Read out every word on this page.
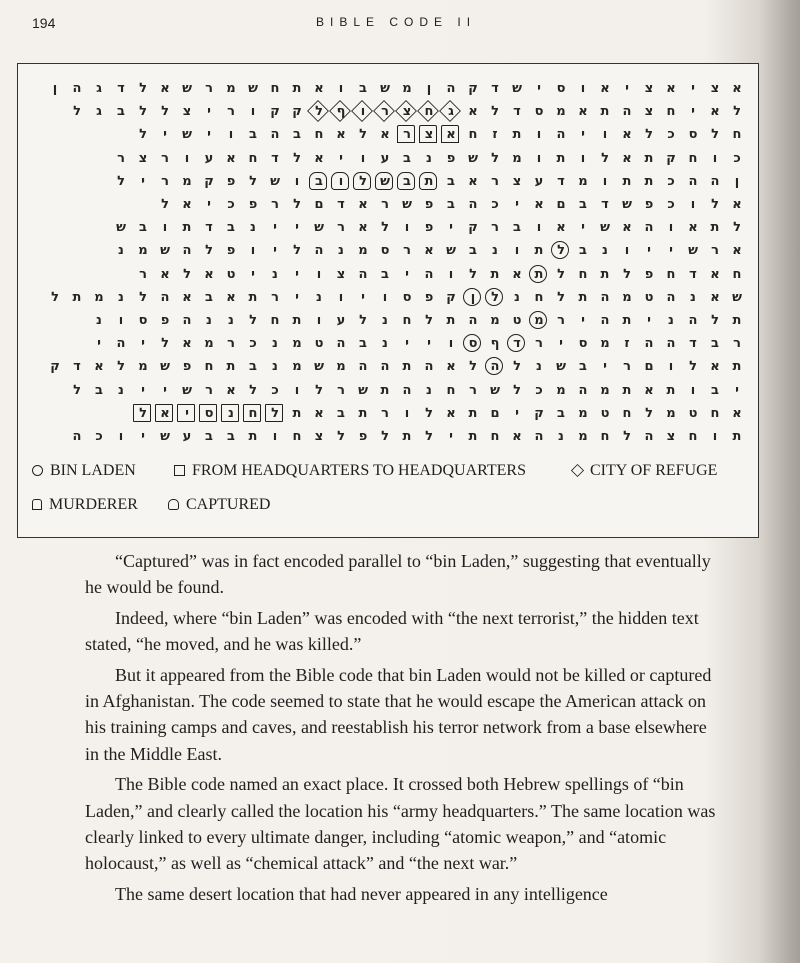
194	BIBLE CODE II
א
צ
י
א
צ
י
א
ו
ס
י
ש
ד
ק
ה
ן
מ
ש
ב
ו
א
ת
ח
ש
מ
ר
ש
א
ל
ד
ג
ה
ן
ל
א
י
ח
צ
ה
ת
א
מ
ס
ד
ל
א
ג
ח
צ
ר
ו
ף
ל
ק
ק
ו
ר
י
צ
ל
ל
ב
ג
ל
ח
ל
ס
כ
ל
א
ו
י
ה
ו
ת
ז
ח
א
צ
ר
א
ל
א
ח
ב
ה
ב
ו
י
ש
י
ל
כ
ו
ח
ק
ת
א
ל
ו
ת
ו
מ
ל
ש
פ
נ
ב
ע
ו
י
א
ל
ד
ח
א
ע
ו
ר
צ
ר
ן
ה
ה
כ
ת
ת
ו
מ
ד
ע
צ
ר
א
ב
ת
ב
ש
ל
ו
ב
ו
ש
ל
פ
ק
מ
ר
י
ל
א
ל
ו
כ
פ
ש
ד
ב
ם
א
י
כ
ה
ב
פ
ש
ר
א
ד
ם
ל
ר
פ
כ
י
א
ל
ל
ת
א
ו
ה
א
ש
י
א
ו
ב
ר
ק
י
פ
ו
ל
א
ר
ש
י
י
נ
ב
ד
ת
ו
ב
ש
א
ר
ש
י
י
ו
נ
ב
ל
ת
ו
נ
ב
ש
א
ר
ס
מ
נ
ה
ל
י
ו
פ
ל
ה
ש
מ
נ
ח
א
ד
ח
פ
ל
ת
ח
ל
ת
א
ת
ל
ו
ה
י
ב
ה
צ
ו
י
נ
י
ט
א
ל
א
ר
ש
א
נ
ה
ט
מ
ה
ת
ל
ח
נ
ל
ן
ק
פ
ס
ו
י
ו
נ
י
ר
ת
א
ב
א
ה
ל
נ
מ
ת
ל
ת
ל
ה
נ
י
ת
ה
י
ר
מ
ט
מ
ה
ת
ל
ח
נ
ל
ע
ו
ת
ח
ל
נ
נ
ה
פ
ס
ו
נ
ר
ב
ד
ה
ה
ז
מ
ס
י
ר
ד
ף
ס
ו
י
י
נ
ב
ה
ט
מ
נ
כ
ר
מ
א
ל
י
ה
י
ת
א
ל
ו
ם
ר
י
ב
ש
נ
ל
ה
ל
א
ה
ת
ה
ה
מ
ש
מ
נ
ב
ת
ח
פ
ש
מ
ל
א
ד
ק
י
ב
ו
ת
א
ת
מ
ה
מ
כ
ל
ש
ר
ח
נ
ה
ת
ש
ר
ל
ו
כ
ל
א
ר
ש
י
י
נ
ב
ל
א
ח
ט
מ
ל
ח
ט
מ
ב
ק
י
ם
ת
א
ל
ו
ר
ת
ב
א
ת
ל
ח
נ
ס
י
א
ל
ת
ו
ח
צ
ה
ל
ח
מ
נ
ה
א
ח
ת
י
ל
ת
ל
פ
ל
צ
ח
ו
ת
ב
ב
ע
ש
י
ו
כ
ה
BIN LADEN	FROM HEADQUARTERS TO HEADQUARTERS	CITY OF REFUGE
MURDERER	CAPTURED

“Captured” was in fact encoded parallel to “bin Laden,” suggesting that eventually he would be found.

Indeed, where “bin Laden” was encoded with “the next terrorist,” the hidden text stated, “he moved, and he was killed.”

But it appeared from the Bible code that bin Laden would not be killed or captured in Afghanistan. The code seemed to state that he would escape the American attack on his training camps and caves, and reestablish his terror network from a base elsewhere in the Middle East.

The Bible code named an exact place. It crossed both Hebrew spellings of “bin Laden,” and clearly called the location his “army headquarters.” The same location was clearly linked to every ultimate danger, including “atomic weapon,” and “atomic holocaust,” as well as “chemical attack” and “the next war.”

The same desert location that had never appeared in any intelligence
